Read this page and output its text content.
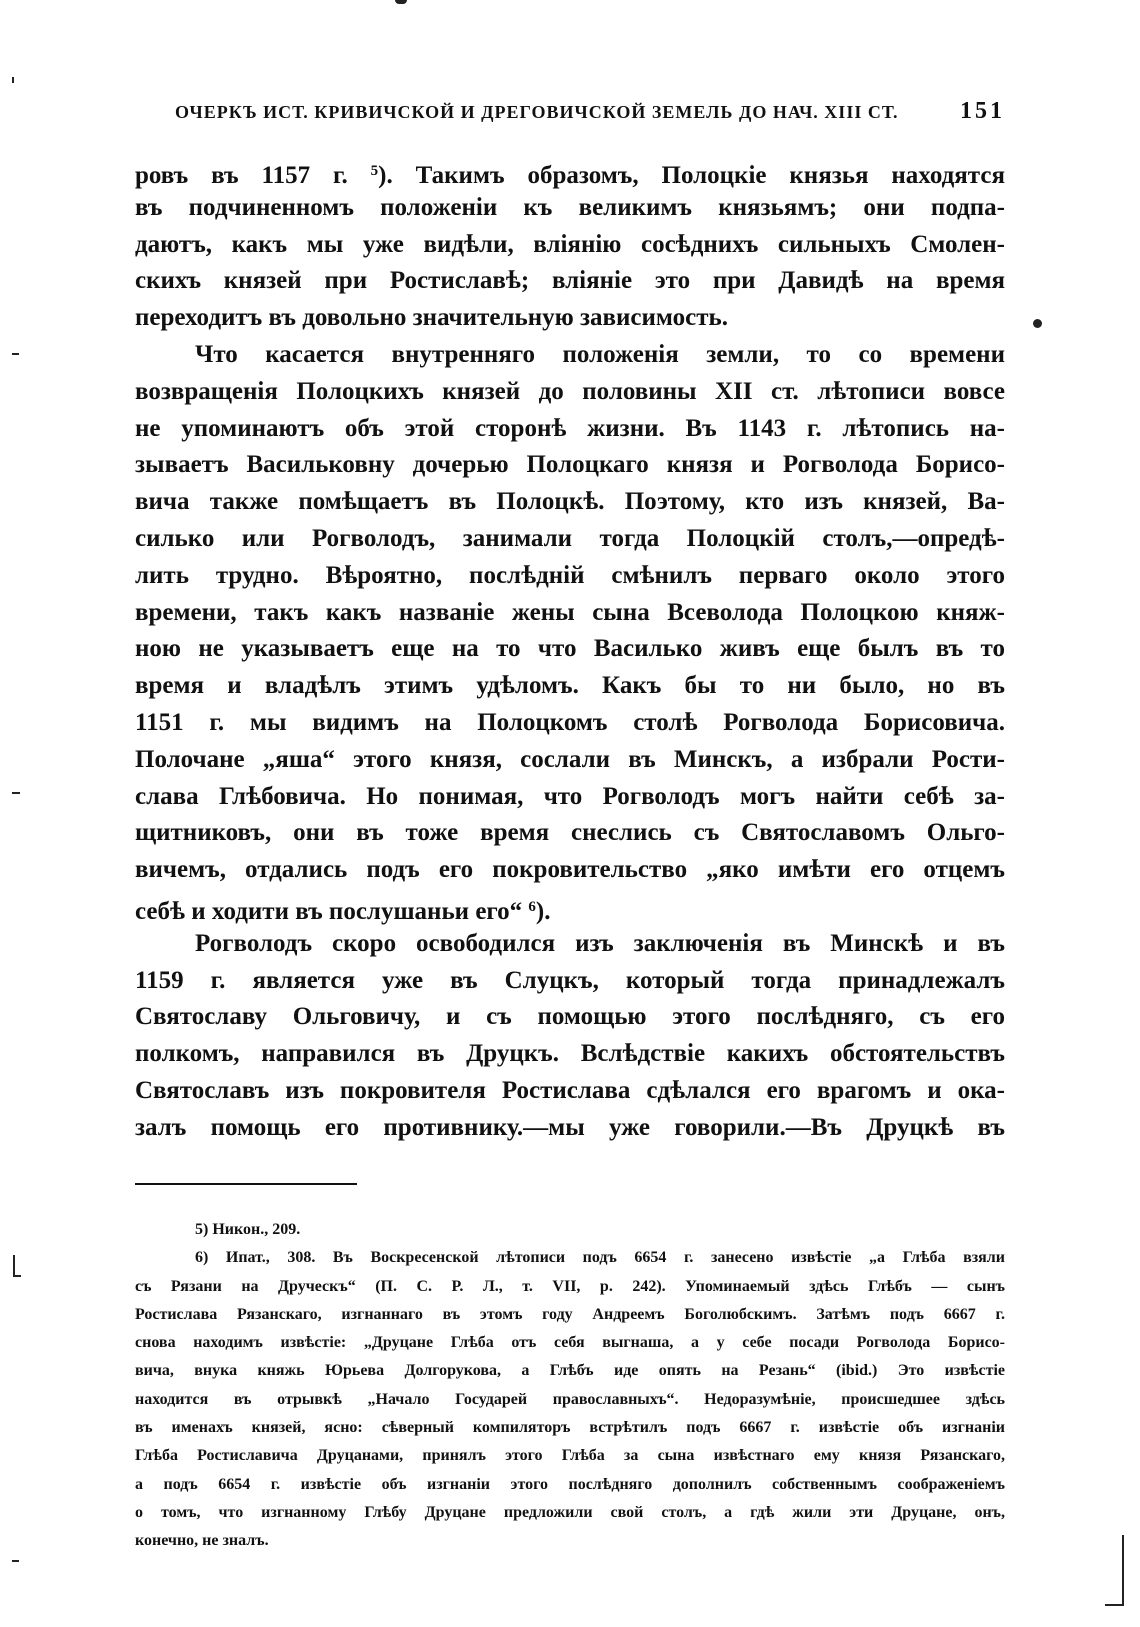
ОЧЕРКЪ ИСТ. КРИВИЧСКОЙ И ДРЕГОВИЧСКОЙ ЗЕМЕЛЬ ДО НАЧ. XIII СТ.	151
ровъ въ 1157 г. $^5$). Такимъ образомъ, Полоцкіе князья находятся
въ подчиненномъ положеніи къ великимъ князьямъ; они подпа-
даютъ, какъ мы уже видѣли, вліянію сосѣднихъ сильныхъ Смолен-
скихъ князей при Ростиславѣ; вліяніе это при Давидѣ на время
переходитъ въ довольно значительную зависимость.
Что касается внутренняго положенія земли, то со времени
возвращенія Полоцкихъ князей до половины XII ст. лѣтописи вовсе
не упоминаютъ объ этой сторонѣ жизни. Въ 1143 г. лѣтопись на-
зываетъ Васильковну дочерью Полоцкаго князя и Рогволода Борисо-
вича также помѣщаетъ въ Полоцкѣ. Поэтому, кто изъ князей, Ва-
силько или Рогволодъ, занимали тогда Полоцкій столъ,—опредѣ-
лить трудно. Вѣроятно, послѣдній смѣнилъ перваго около этого
времени, такъ какъ названіе жены сына Всеволода Полоцкою княж-
ною не указываетъ еще на то что Василько живъ еще былъ въ то
время и владѣлъ этимъ удѣломъ. Какъ бы то ни было, но въ
1151 г. мы видимъ на Полоцкомъ столѣ Рогволода Борисовича.
Полочане „яша“ этого князя, сослали въ Минскъ, а избрали Рости-
слава Глѣбовича. Но понимая, что Рогволодъ могъ найти себѣ за-
щитниковъ, они въ тоже время снеслись съ Святославомъ Ольго-
вичемъ, отдались подъ его покровительство „яко имѣти его отцемъ
себѣ и ходити въ послушаньи его“ $^6$).
Рогволодъ скоро освободился изъ заключенія въ Минскѣ и въ
1159 г. является уже въ Слуцкъ, который тогда принадлежалъ
Святославу Ольговичу, и съ помощью этого послѣдняго, съ его
полкомъ, направился въ Друцкъ. Вслѣдствіе какихъ обстоятельствъ
Святославъ изъ покровителя Ростислава сдѣлался его врагомъ и ока-
залъ помощь его противнику.—мы уже говорили.—Въ Друцкѣ въ
5) Никон., 209.
6) Ипат., 308. Въ Воскресенской лѣтописи подъ 6654 г. занесено извѣстіе „а Глѣба взяли
съ Рязани на Друческъ“ (П. С. Р. Л., т. VII, р. 242). Упоминаемый здѣсь Глѣбъ — сынъ
Ростислава Рязанскаго, изгнаннаго въ этомъ году Андреемъ Боголюбскимъ. Затѣмъ подъ 6667 г.
снова находимъ извѣстіе: „Друцане Глѣба отъ себя выгнаша, а у себе посади Рогволода Борисо-
вича, внука княжь Юрьева Долгорукова, а Глѣбъ иде опять на Резань“ (ibid.) Это извѣстіе
находится въ отрывкѣ „Начало Государей православныхъ“. Недоразумѣніе, происшедшее здѣсь
въ именахъ князей, ясно: сѣверный компиляторъ встрѣтилъ подъ 6667 г. извѣстіе объ изгнаніи
Глѣба Ростиславича Друцанами, принялъ этого Глѣба за сына извѣстнаго ему князя Рязанскаго,
а подъ 6654 г. извѣстіе объ изгнаніи этого послѣдняго дополнилъ собственнымъ соображеніемъ
о томъ, что изгнанному Глѣбу Друцане предложили свой столъ, а гдѣ жили эти Друцане, онъ,
конечно, не зналъ.
